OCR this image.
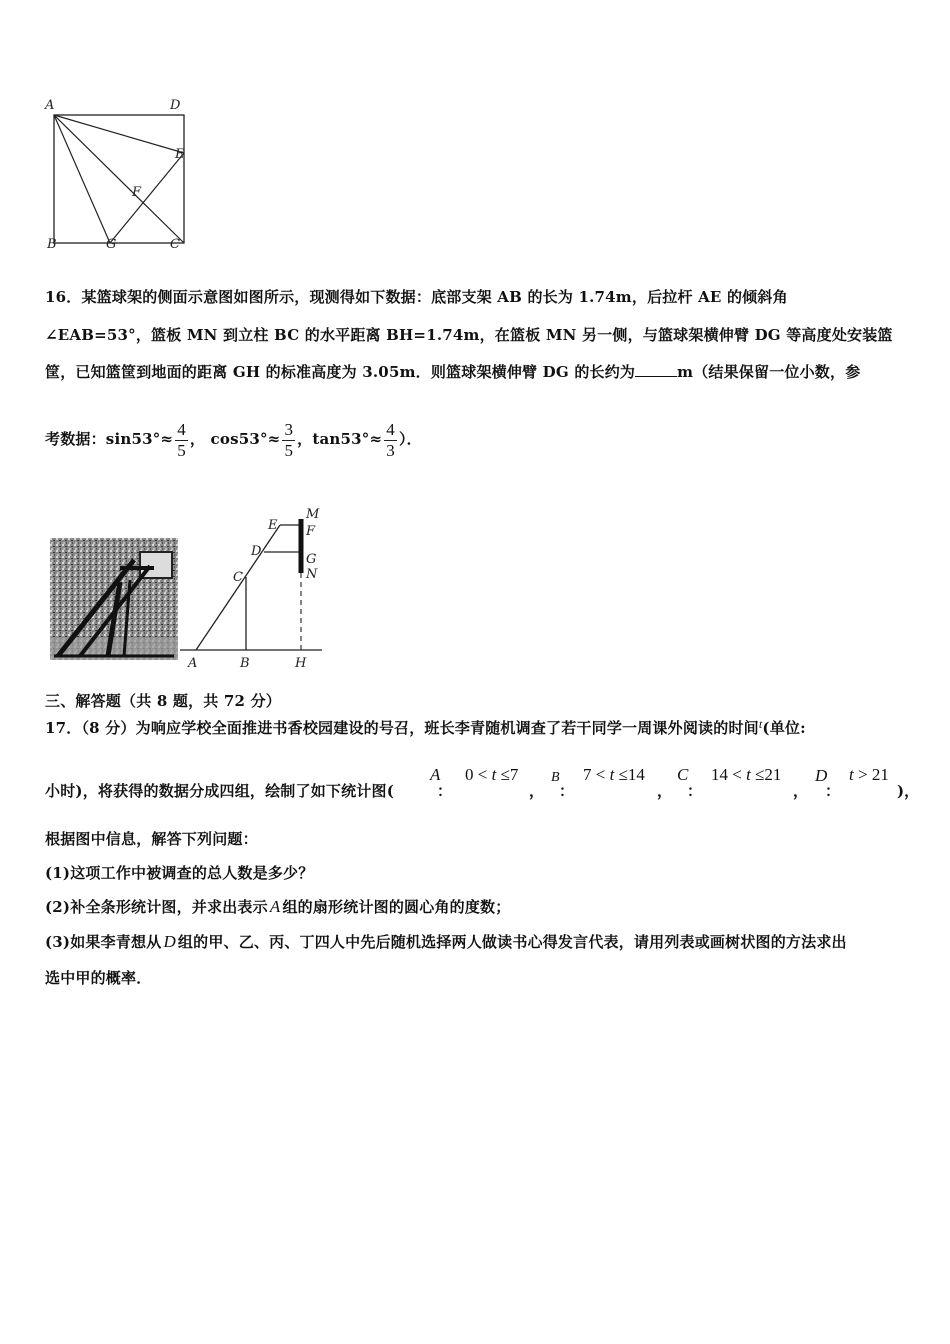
A	D
E
F
B	G	C
16．某篮球架的侧面示意图如图所示，现测得如下数据：底部支架 AB 的长为 1.74m，后拉杆 AE 的倾斜角
∠EAB=53°，篮板 MN 到立柱 BC 的水平距离 BH=1.74m，在篮板 MN 另一侧，与篮球架横伸臂 DG 等高度处安装篮
筐，已知篮筐到地面的距离 GH 的标准高度为 3.05m．则篮球架横伸臂 DG 的长约为	m（结果保留一位小数，参
考数据：$\sin 53^\circ\approx \frac{4}{5}$ ， $\cos 53^\circ\approx \frac{3}{5}$ ，$\tan 53^\circ\approx \frac{4}{3}$ ）．
E
M
F
D
G
N
C
A	B	H
三、解答题（共 8 题，共 72 分）
17．（8 分）为响应学校全面推进书香校园建设的号召，班长李青随机调查了若干同学一周课外阅读的时间$^t$(单位:
小时)，将获得的数据分成四组，绘制了如下统计图(
A
：
0 < t ≤7
，
B
：
7 < t ≤14
，
C
：
14 < t ≤21
，
D
：
t > 21
)，
根据图中信息，解答下列问题：
(1)这项工作中被调查的总人数是多少？
(2)补全条形统计图，并求出表示 A 组的扇形统计图的圆心角的度数；
(3)如果李青想从 D 组的甲、乙、丙、丁四人中先后随机选择两人做读书心得发言代表，请用列表或画树状图的方法求出
选中甲的概率．
